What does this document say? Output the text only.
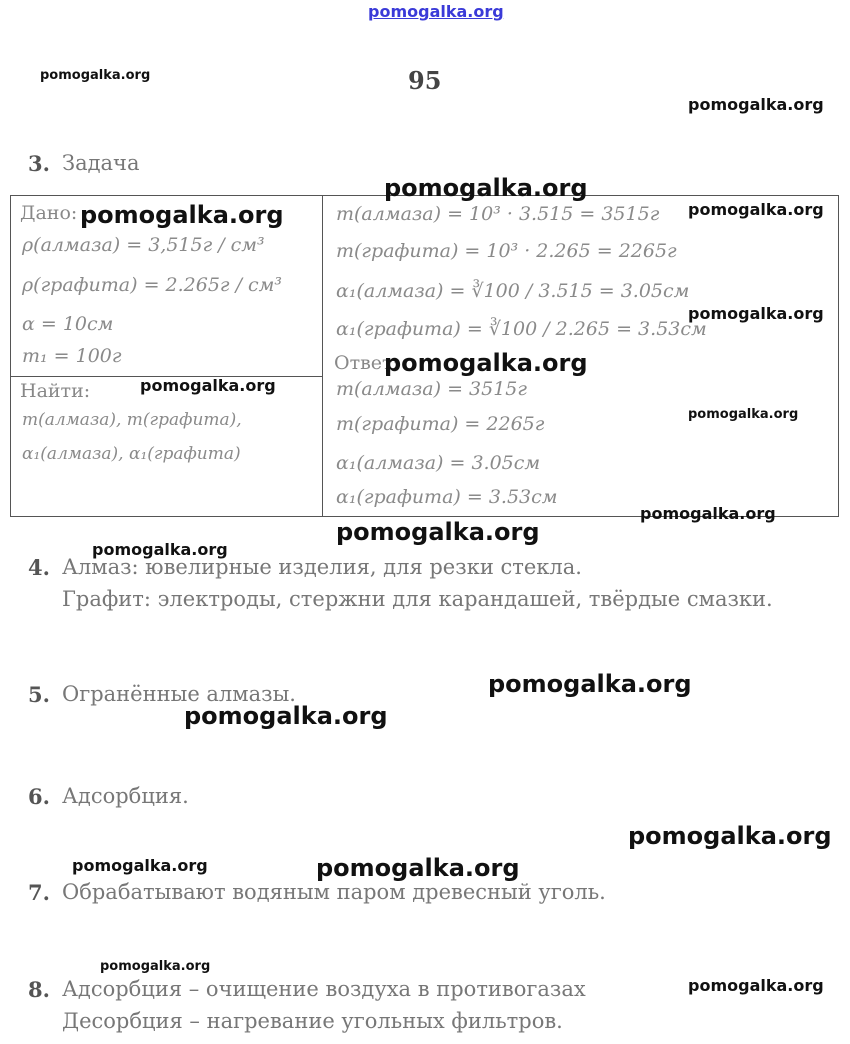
pomogalka.org
95
3. Задача
Дано:
ρ(алмаза) = 3,515г / см³
ρ(графита) = 2.265г / см³
α = 10см
m₁ = 100г
Найти:
m(алмаза), m(графита),
α₁(алмаза), α₁(графита)
m(алмаза) = 10³ · 3.515 = 3515г
m(графита) = 10³ · 2.265 = 2265г
α₁(алмаза) = ∛100 / 3.515 = 3.05см
α₁(графита) = ∛100 / 2.265 = 3.53см
Ответ:
m(алмаза) = 3515г
m(графита) = 2265г
α₁(алмаза) = 3.05см
α₁(графита) = 3.53см
4. Алмаз: ювелирные изделия, для резки стекла.
Графит: электроды, стержни для карандашей, твёрдые смазки.
5. Огранённые алмазы.
6. Адсорбция.
7. Обрабатывают водяным паром древесный уголь.
8. Адсорбция – очищение воздуха в противогазах
Десорбция – нагревание угольных фильтров.
pomogalka.org
pomogalka.org
pomogalka.org
pomogalka.org	pomogalka.org
pomogalka.org
pomogalka.org
pomogalka.org
pomogalka.org
pomogalka.org
pomogalka.org
pomogalka.org
pomogalka.org
pomogalka.org
pomogalka.org
pomogalka.org	pomogalka.org
pomogalka.org
pomogalka.org
